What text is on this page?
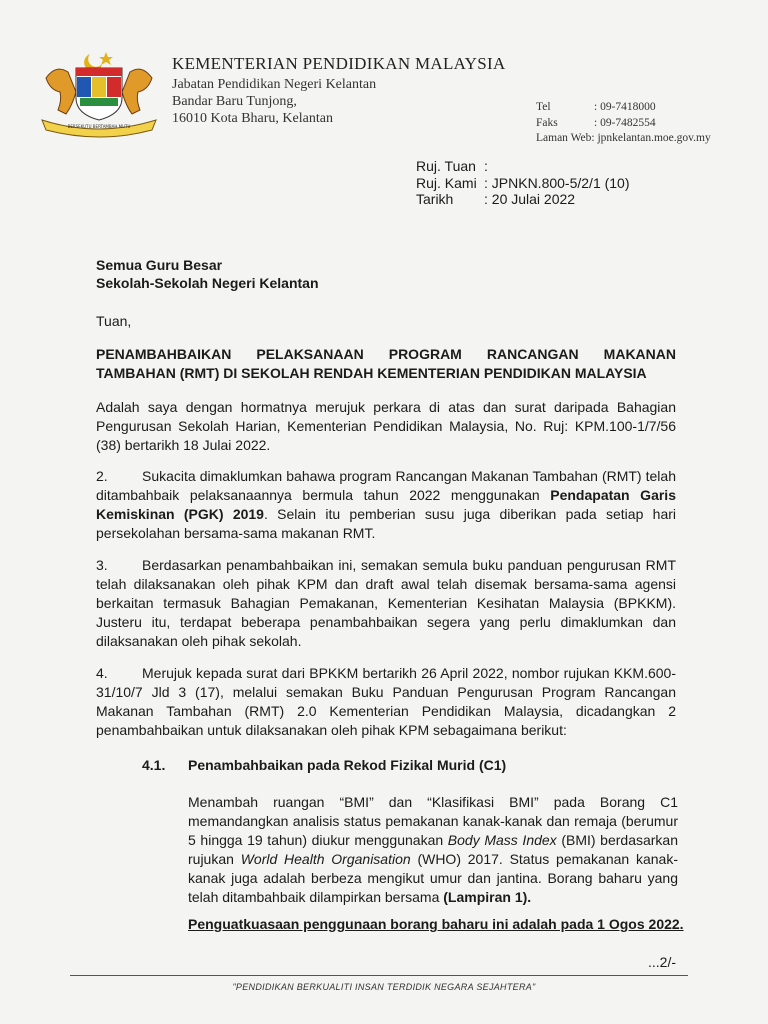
BERSEKUTU BERTAMBAH MUTU
KEMENTERIAN PENDIDIKAN MALAYSIA
Jabatan Pendidikan Negeri Kelantan
Bandar Baru Tunjong,
16010 Kota Bharu, Kelantan
Tel	: 09-7418000
Faks	: 09-7482554
Laman Web: jpnkelantan.moe.gov.my
Ruj. Tuan :
Ruj. Kami : JPNKN.800-5/2/1 (10)
Tarikh : 20 Julai 2022
Semua Guru Besar
Sekolah-Sekolah Negeri Kelantan
Tuan,
PENAMBAHBAIKAN PELAKSANAAN PROGRAM RANCANGAN MAKANAN
TAMBAHAN (RMT) DI SEKOLAH RENDAH KEMENTERIAN PENDIDIKAN MALAYSIA
Adalah saya dengan hormatnya merujuk perkara di atas dan surat daripada Bahagian Pengurusan Sekolah Harian, Kementerian Pendidikan Malaysia, No. Ruj: KPM.100-1/7/56 (38) bertarikh 18 Julai 2022.
2. Sukacita dimaklumkan bahawa program Rancangan Makanan Tambahan (RMT) telah ditambahbaik pelaksanaannya bermula tahun 2022 menggunakan Pendapatan Garis Kemiskinan (PGK) 2019. Selain itu pemberian susu juga diberikan pada setiap hari persekolahan bersama-sama makanan RMT.
3. Berdasarkan penambahbaikan ini, semakan semula buku panduan pengurusan RMT telah dilaksanakan oleh pihak KPM dan draft awal telah disemak bersama-sama agensi berkaitan termasuk Bahagian Pemakanan, Kementerian Kesihatan Malaysia (BPKKM). Justeru itu, terdapat beberapa penambahbaikan segera yang perlu dimaklumkan dan dilaksanakan oleh pihak sekolah.
4. Merujuk kepada surat dari BPKKM bertarikh 26 April 2022, nombor rujukan KKM.600-31/10/7 Jld 3 (17), melalui semakan Buku Panduan Pengurusan Program Rancangan Makanan Tambahan (RMT) 2.0 Kementerian Pendidikan Malaysia, dicadangkan 2 penambahbaikan untuk dilaksanakan oleh pihak KPM sebagaimana berikut:
4.1. Penambahbaikan pada Rekod Fizikal Murid (C1)
Menambah ruangan “BMI” dan “Klasifikasi BMI” pada Borang C1 memandangkan analisis status pemakanan kanak-kanak dan remaja (berumur 5 hingga 19 tahun) diukur menggunakan Body Mass Index (BMI) berdasarkan rujukan World Health Organisation (WHO) 2017. Status pemakanan kanak-kanak juga adalah berbeza mengikut umur dan jantina. Borang baharu yang telah ditambahbaik dilampirkan bersama (Lampiran 1).
Penguatkuasaan penggunaan borang baharu ini adalah pada 1 Ogos 2022.
...2/-
"PENDIDIKAN BERKUALITI INSAN TERDIDIK NEGARA SEJAHTERA"
